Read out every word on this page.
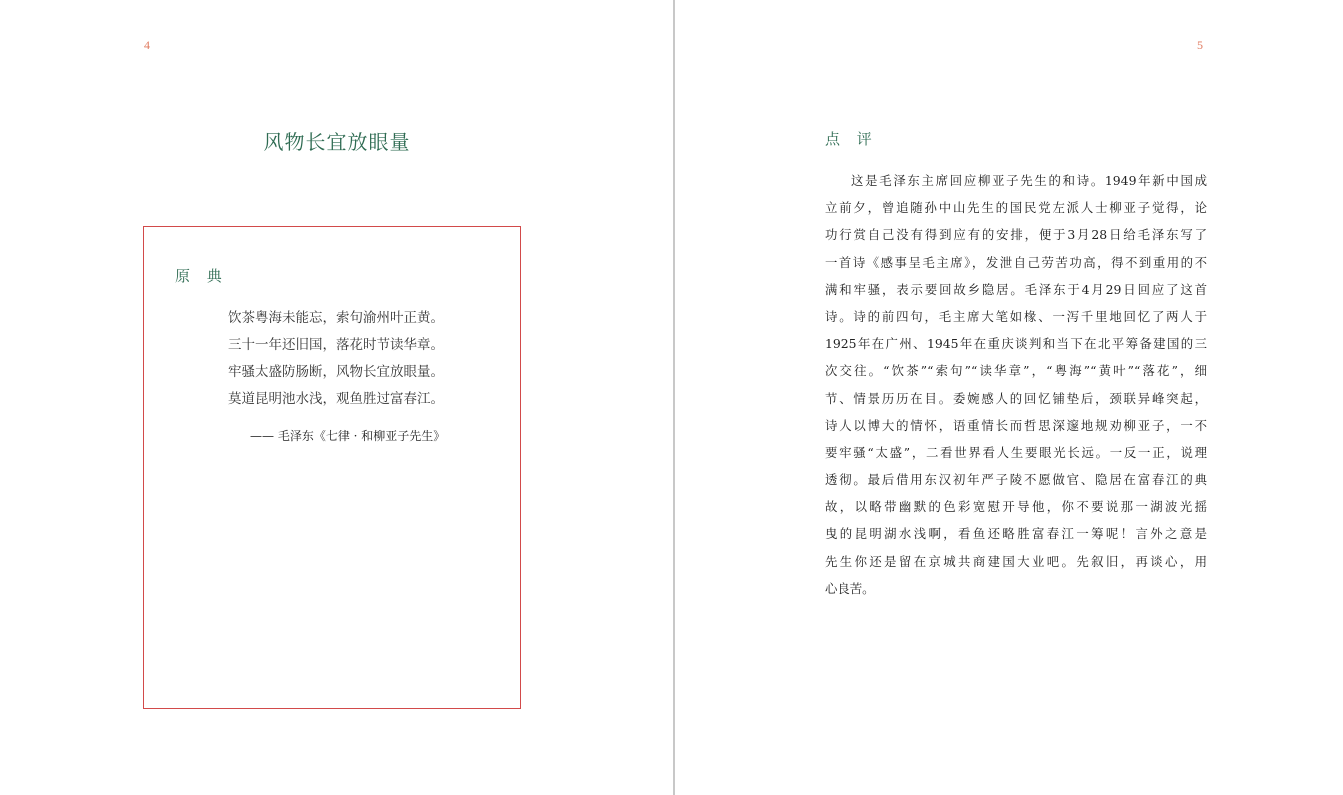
4
风物长宜放眼量
原 典
饮茶粤海未能忘，索句渝州叶正黄。
三十一年还旧国，落花时节读华章。
牢骚太盛防肠断，风物长宜放眼量。
莫道昆明池水浅，观鱼胜过富春江。
—— 毛泽东《七律 · 和柳亚子先生》
5
点 评
这是毛泽东主席回应柳亚子先生的和诗。1949年新中国成
立前夕，曾追随孙中山先生的国民党左派人士柳亚子觉得，论
功行赏自己没有得到应有的安排，便于3月28日给毛泽东写了
一首诗《感事呈毛主席》，发泄自己劳苦功高，得不到重用的不
满和牢骚，表示要回故乡隐居。毛泽东于4月29日回应了这首
诗。诗的前四句，毛主席大笔如椽、一泻千里地回忆了两人于
1925年在广州、1945年在重庆谈判和当下在北平筹备建国的三
次交往。“饮茶”“索句”“读华章”，“粤海”“黄叶”“落花”，细
节、情景历历在目。委婉感人的回忆铺垫后，颈联异峰突起，
诗人以博大的情怀，语重情长而哲思深邃地规劝柳亚子，一不
要牢骚“太盛”，二看世界看人生要眼光长远。一反一正，说理
透彻。最后借用东汉初年严子陵不愿做官、隐居在富春江的典
故，以略带幽默的色彩宽慰开导他，你不要说那一湖波光摇
曳的昆明湖水浅啊，看鱼还略胜富春江一筹呢！言外之意是
先生你还是留在京城共商建国大业吧。先叙旧，再谈心，用
心良苦。
